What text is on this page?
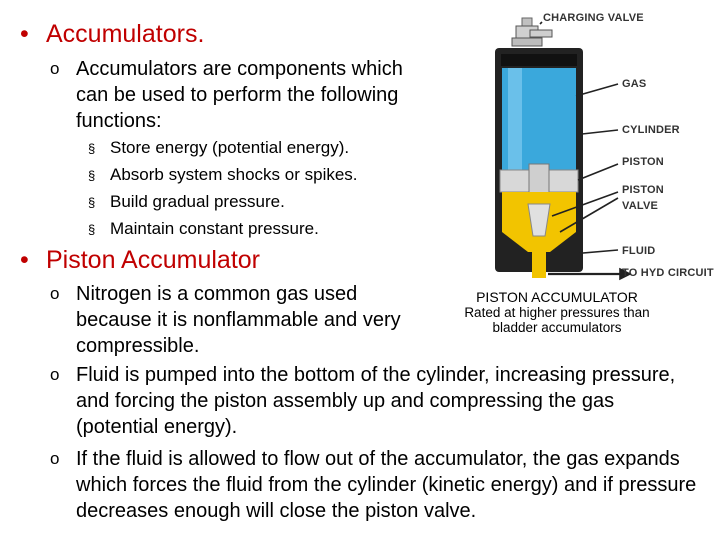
• Accumulators.
o Accumulators are components which can be used to perform the following functions:
§ Store energy (potential energy).
§ Absorb system shocks or spikes.
§ Build gradual pressure.
§ Maintain constant pressure.
• Piston Accumulator
o Nitrogen is a common gas used because it is nonflammable and very compressible.
o Fluid is pumped into the bottom of the cylinder, increasing pressure, and forcing the piston assembly up and compressing the gas (potential energy).
o If the fluid is allowed to flow out of the accumulator, the gas expands which forces the fluid from the cylinder (kinetic energy) and if pressure decreases enough will close the piston valve.
CHARGING VALVE
GAS
CYLINDER
PISTON
PISTON
VALVE
FLUID
TO HYD CIRCUIT
PISTON ACCUMULATOR
Rated at higher pressures than
bladder accumulators
